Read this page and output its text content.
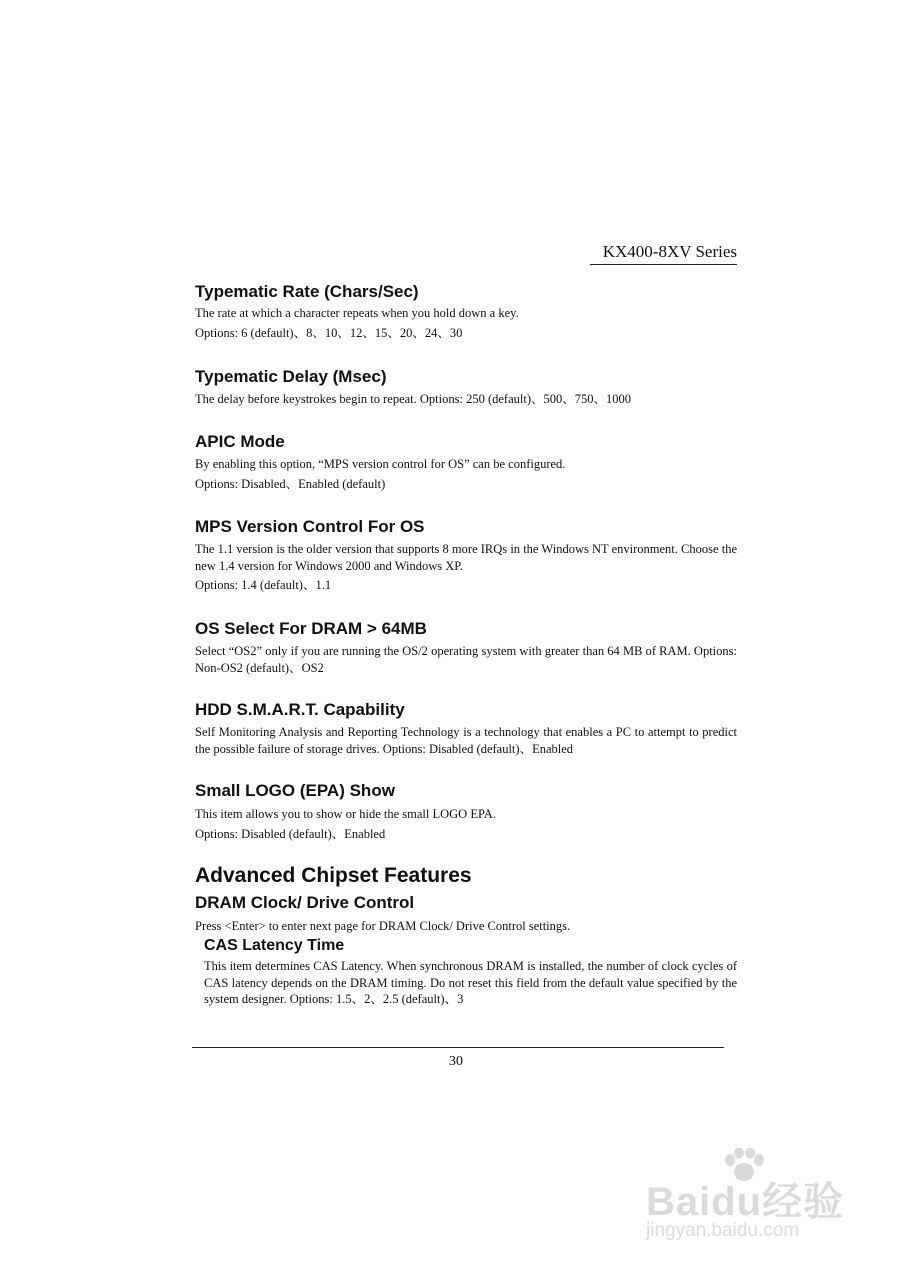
KX400-8XV Series
Typematic Rate (Chars/Sec)
The rate at which a character repeats when you hold down a key.
Options: 6 (default)、8、10、12、15、20、24、30
Typematic Delay (Msec)
The delay before keystrokes begin to repeat. Options: 250 (default)、500、750、1000
APIC Mode
By enabling this option, “MPS version control for OS” can be configured.
Options: Disabled、Enabled (default)
MPS Version Control For OS
The 1.1 version is the older version that supports 8 more IRQs in the Windows NT environment. Choose the new 1.4 version for Windows 2000 and Windows XP.
Options: 1.4 (default)、1.1
OS Select For DRAM > 64MB
Select “OS2” only if you are running the OS/2 operating system with greater than 64 MB of RAM. Options: Non-OS2 (default)、OS2
HDD S.M.A.R.T. Capability
Self Monitoring Analysis and Reporting Technology is a technology that enables a PC to attempt to predict the possible failure of storage drives. Options: Disabled (default)、Enabled
Small LOGO (EPA) Show
This item allows you to show or hide the small LOGO EPA.
Options: Disabled (default)、Enabled
Advanced Chipset Features
DRAM Clock/ Drive Control
Press <Enter> to enter next page for DRAM Clock/ Drive Control settings.
CAS Latency Time
This item determines CAS Latency. When synchronous DRAM is installed, the number of clock cycles of CAS latency depends on the DRAM timing. Do not reset this field from the default value specified by the system designer. Options: 1.5、2、2.5 (default)、3
30
Baidu经验
jingyan.baidu.com
